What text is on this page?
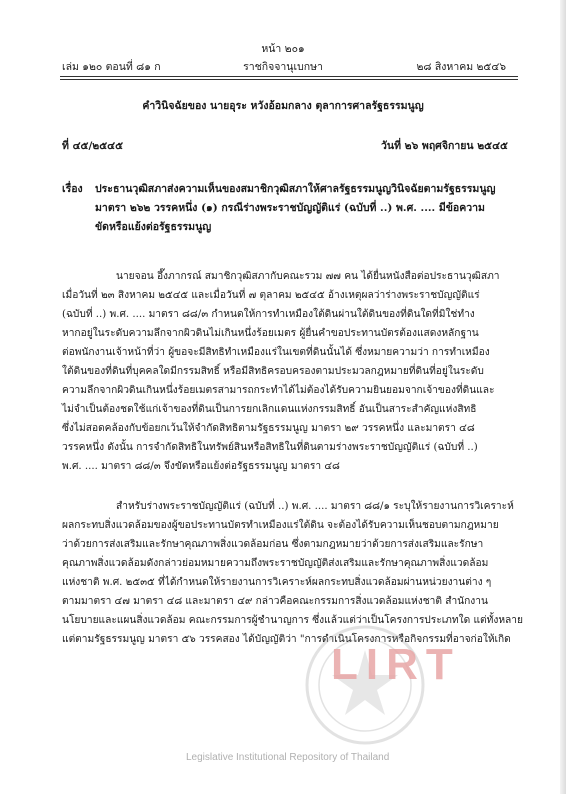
หน้า ๒๐๑
เล่ม ๑๒๐ ตอนที่ ๘๑ ก	ราชกิจจานุเบกษา	๒๘ สิงหาคม ๒๕๔๖
คำวินิจฉัยของ นายอุระ หวังอ้อมกลาง ตุลาการศาลรัฐธรรมนูญ
ที่ ๔๕/๒๕๔๕	วันที่ ๒๖ พฤศจิกายน ๒๕๔๕
เรื่อง ประธานวุฒิสภาส่งความเห็นของสมาชิกวุฒิสภาให้ศาลรัฐธรรมนูญวินิจฉัยตามรัฐธรรมนูญ
มาตรา ๒๖๒ วรรคหนึ่ง (๑) กรณีร่างพระราชบัญญัติแร่ (ฉบับที่ ..) พ.ศ. .... มีข้อความ
ขัดหรือแย้งต่อรัฐธรรมนูญ
นายจอน อึ๊งภากรณ์ สมาชิกวุฒิสภากับคณะรวม ๗๗ คน ได้ยื่นหนังสือต่อประธานวุฒิสภา
เมื่อวันที่ ๒๓ สิงหาคม ๒๕๔๕ และเมื่อวันที่ ๗ ตุลาคม ๒๕๔๕ อ้างเหตุผลว่าร่างพระราชบัญญัติแร่
(ฉบับที่ ..) พ.ศ. .... มาตรา ๘๘/๓ กำหนดให้การทำเหมืองใต้ดินผ่านใต้ดินของที่ดินใดที่มิใช่ทำง
หากอยู่ในระดับความลึกจากผิวดินไม่เกินหนึ่งร้อยเมตร ผู้ยื่นคำขอประทานบัตรต้องแสดงหลักฐาน
ต่อพนักงานเจ้าหน้าที่ว่า ผู้ขอจะมีสิทธิทำเหมืองแร่ในเขตที่ดินนั้นได้ ซึ่งหมายความว่า การทำเหมือง
ใต้ดินของที่ดินที่บุคคลใดมีกรรมสิทธิ์ หรือมีสิทธิครอบครองตามประมวลกฎหมายที่ดินที่อยู่ในระดับ
ความลึกจากผิวดินเกินหนึ่งร้อยเมตรสามารถกระทำได้ไม่ต้องได้รับความยินยอมจากเจ้าของที่ดินและ
ไม่จำเป็นต้องชดใช้แก่เจ้าของที่ดินเป็นการยกเลิกแดนแห่งกรรมสิทธิ์ อันเป็นสาระสำคัญแห่งสิทธิ
ซึ่งไม่สอดคล้องกับข้อยกเว้นให้จำกัดสิทธิตามรัฐธรรมนูญ มาตรา ๒๙ วรรคหนึ่ง และมาตรา ๔๘
วรรคหนึ่ง ดังนั้น การจำกัดสิทธิในทรัพย์สินหรือสิทธิในที่ดินตามร่างพระราชบัญญัติแร่ (ฉบับที่ ..)
พ.ศ. .... มาตรา ๘๘/๓ จึงขัดหรือแย้งต่อรัฐธรรมนูญ มาตรา ๔๘
สำหรับร่างพระราชบัญญัติแร่ (ฉบับที่ ..) พ.ศ. .... มาตรา ๘๘/๑ ระบุให้รายงานการวิเคราะห์
ผลกระทบสิ่งแวดล้อมของผู้ขอประทานบัตรทำเหมืองแร่ใต้ดิน จะต้องได้รับความเห็นชอบตามกฎหมาย
ว่าด้วยการส่งเสริมและรักษาคุณภาพสิ่งแวดล้อมก่อน ซึ่งตามกฎหมายว่าด้วยการส่งเสริมและรักษา
คุณภาพสิ่งแวดล้อมดังกล่าวย่อมหมายความถึงพระราชบัญญัติส่งเสริมและรักษาคุณภาพสิ่งแวดล้อม
แห่งชาติ พ.ศ. ๒๕๓๕ ที่ได้กำหนดให้รายงานการวิเคราะห์ผลกระทบสิ่งแวดล้อมผ่านหน่วยงานต่าง ๆ
ตามมาตรา ๔๗ มาตรา ๔๘ และมาตรา ๔๙ กล่าวคือคณะกรรมการสิ่งแวดล้อมแห่งชาติ สำนักงาน
นโยบายและแผนสิ่งแวดล้อม คณะกรรมการผู้ชำนาญการ ซึ่งแล้วแต่ว่าเป็นโครงการประเภทใด แต่ทั้งหลาย
แต่ตามรัฐธรรมนูญ มาตรา ๕๖ วรรคสอง ได้บัญญัติว่า "การดำเนินโครงการหรือกิจกรรมที่อาจก่อให้เกิด
LIRT
Legislative Institutional Repository of Thailand
